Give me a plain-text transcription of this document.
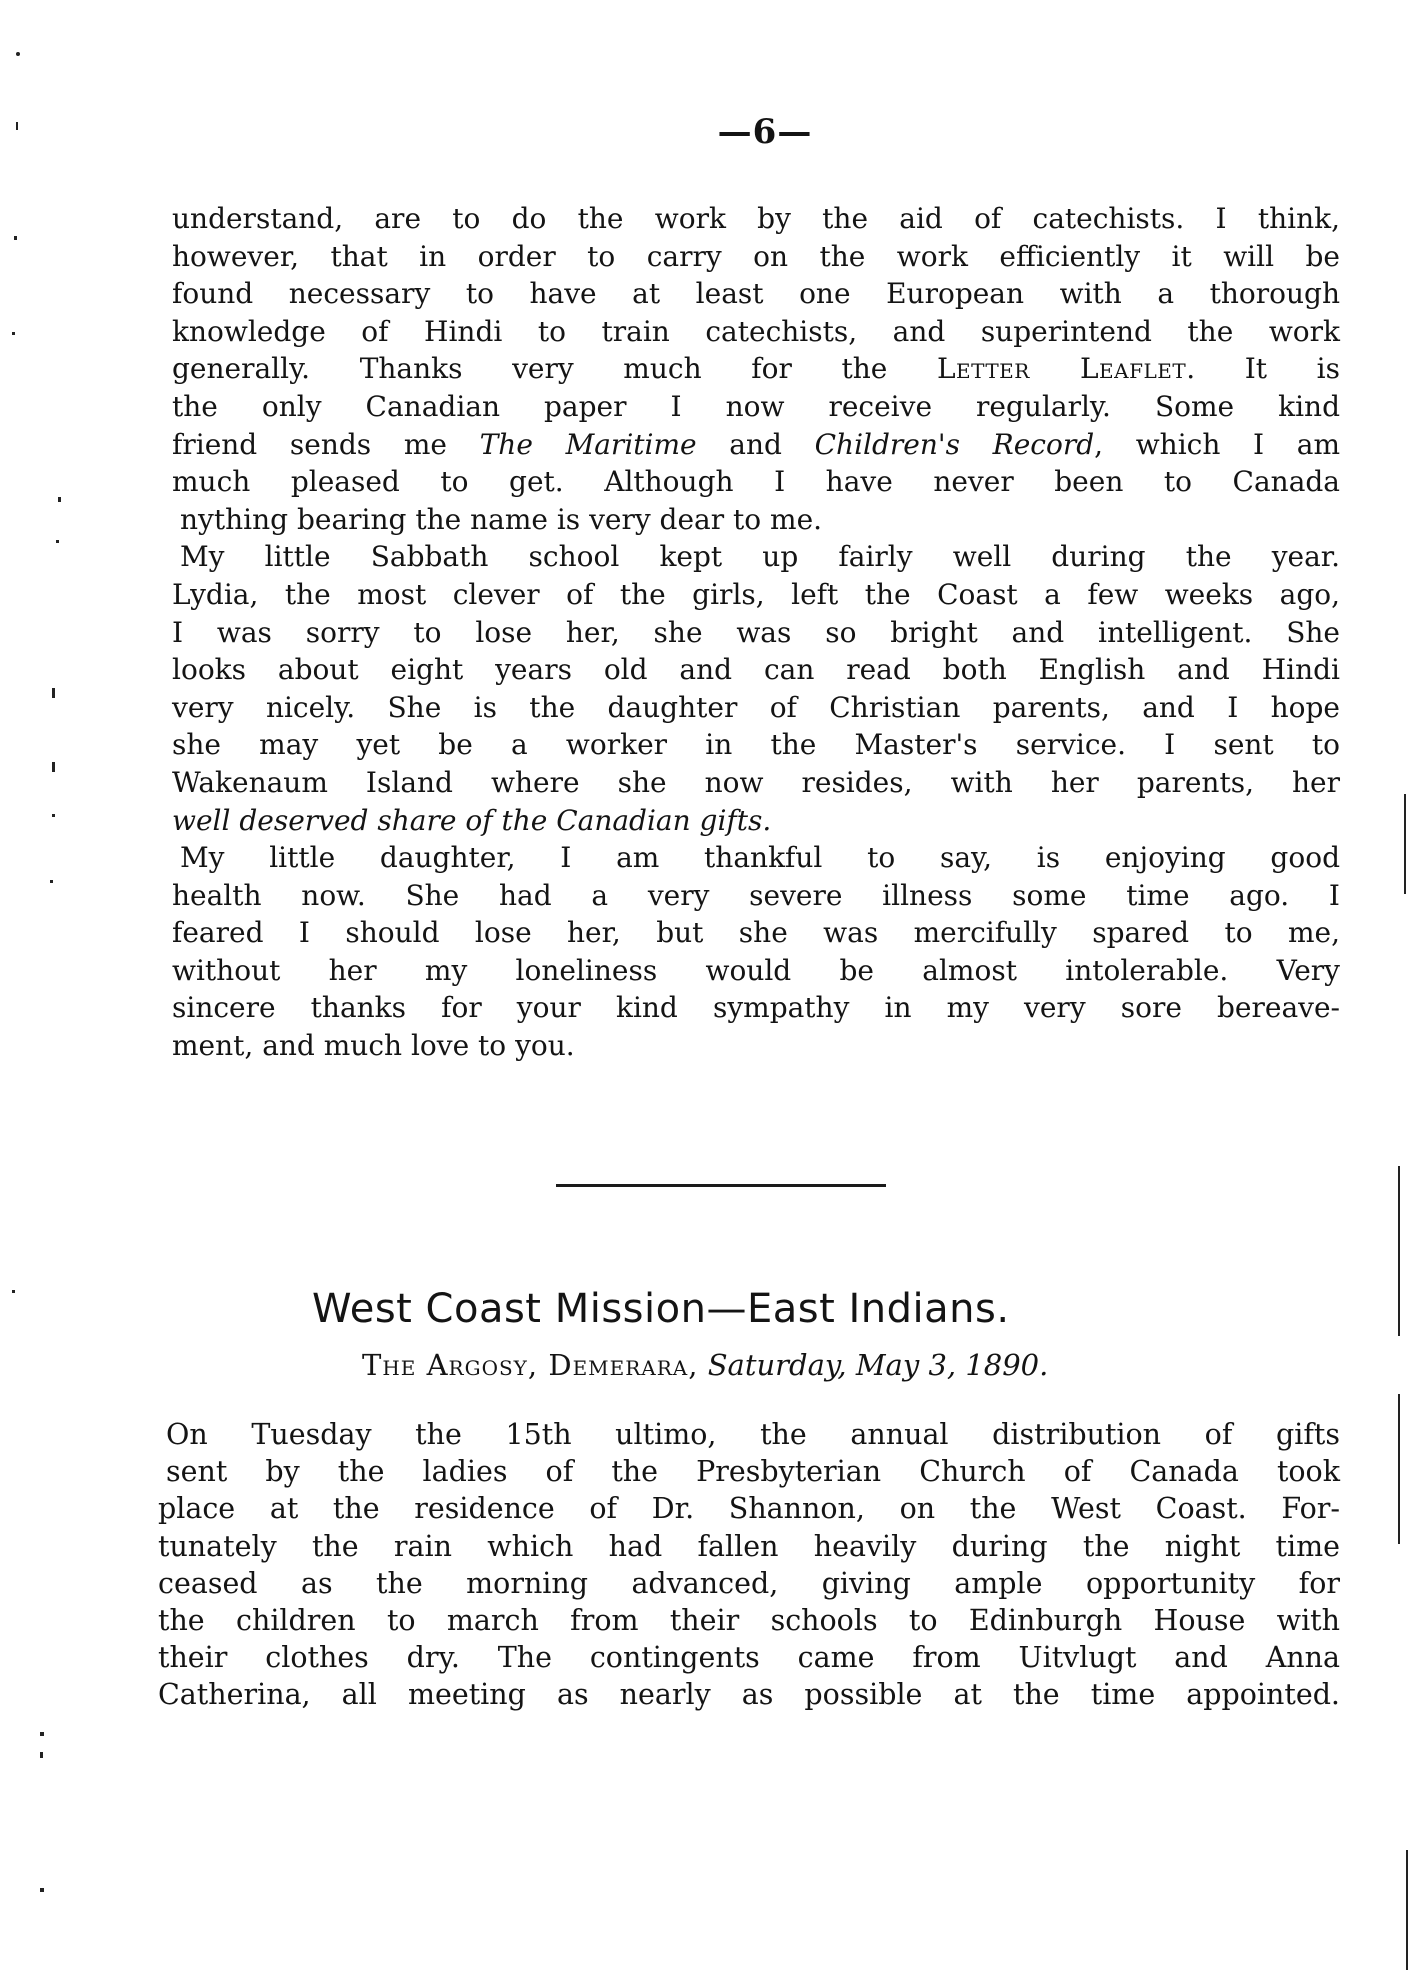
—6—
understand, are to do the work by the aid of catechists. I think,
however, that in order to carry on the work efficiently it will be
found necessary to have at least one European with a thorough
knowledge of Hindi to train catechists, and superintend the work
generally. Thanks very much for the Letter Leaflet. It is
the only Canadian paper I now receive regularly. Some kind
friend sends me The Maritime and Children's Record, which I am
much pleased to get. Although I have never been to Canada
nything bearing the name is very dear to me.
My little Sabbath school kept up fairly well during the year.
Lydia, the most clever of the girls, left the Coast a few weeks ago,
I was sorry to lose her, she was so bright and intelligent. She
looks about eight years old and can read both English and Hindi
very nicely. She is the daughter of Christian parents, and I hope
she may yet be a worker in the Master's service. I sent to
Wakenaum Island where she now resides, with her parents, her
well deserved share of the Canadian gifts.
My little daughter, I am thankful to say, is enjoying good
health now. She had a very severe illness some time ago. I
feared I should lose her, but she was mercifully spared to me,
without her my loneliness would be almost intolerable. Very
sincere thanks for your kind sympathy in my very sore bereave-
ment, and much love to you.
West Coast Mission—East Indians.
The Argosy, Demerara, Saturday, May 3, 1890.
On Tuesday the 15th ultimo, the annual distribution of gifts
sent by the ladies of the Presbyterian Church of Canada took
place at the residence of Dr. Shannon, on the West Coast. For-
tunately the rain which had fallen heavily during the night time
ceased as the morning advanced, giving ample opportunity for
the children to march from their schools to Edinburgh House with
their clothes dry. The contingents came from Uitvlugt and Anna
Catherina, all meeting as nearly as possible at the time appointed.
